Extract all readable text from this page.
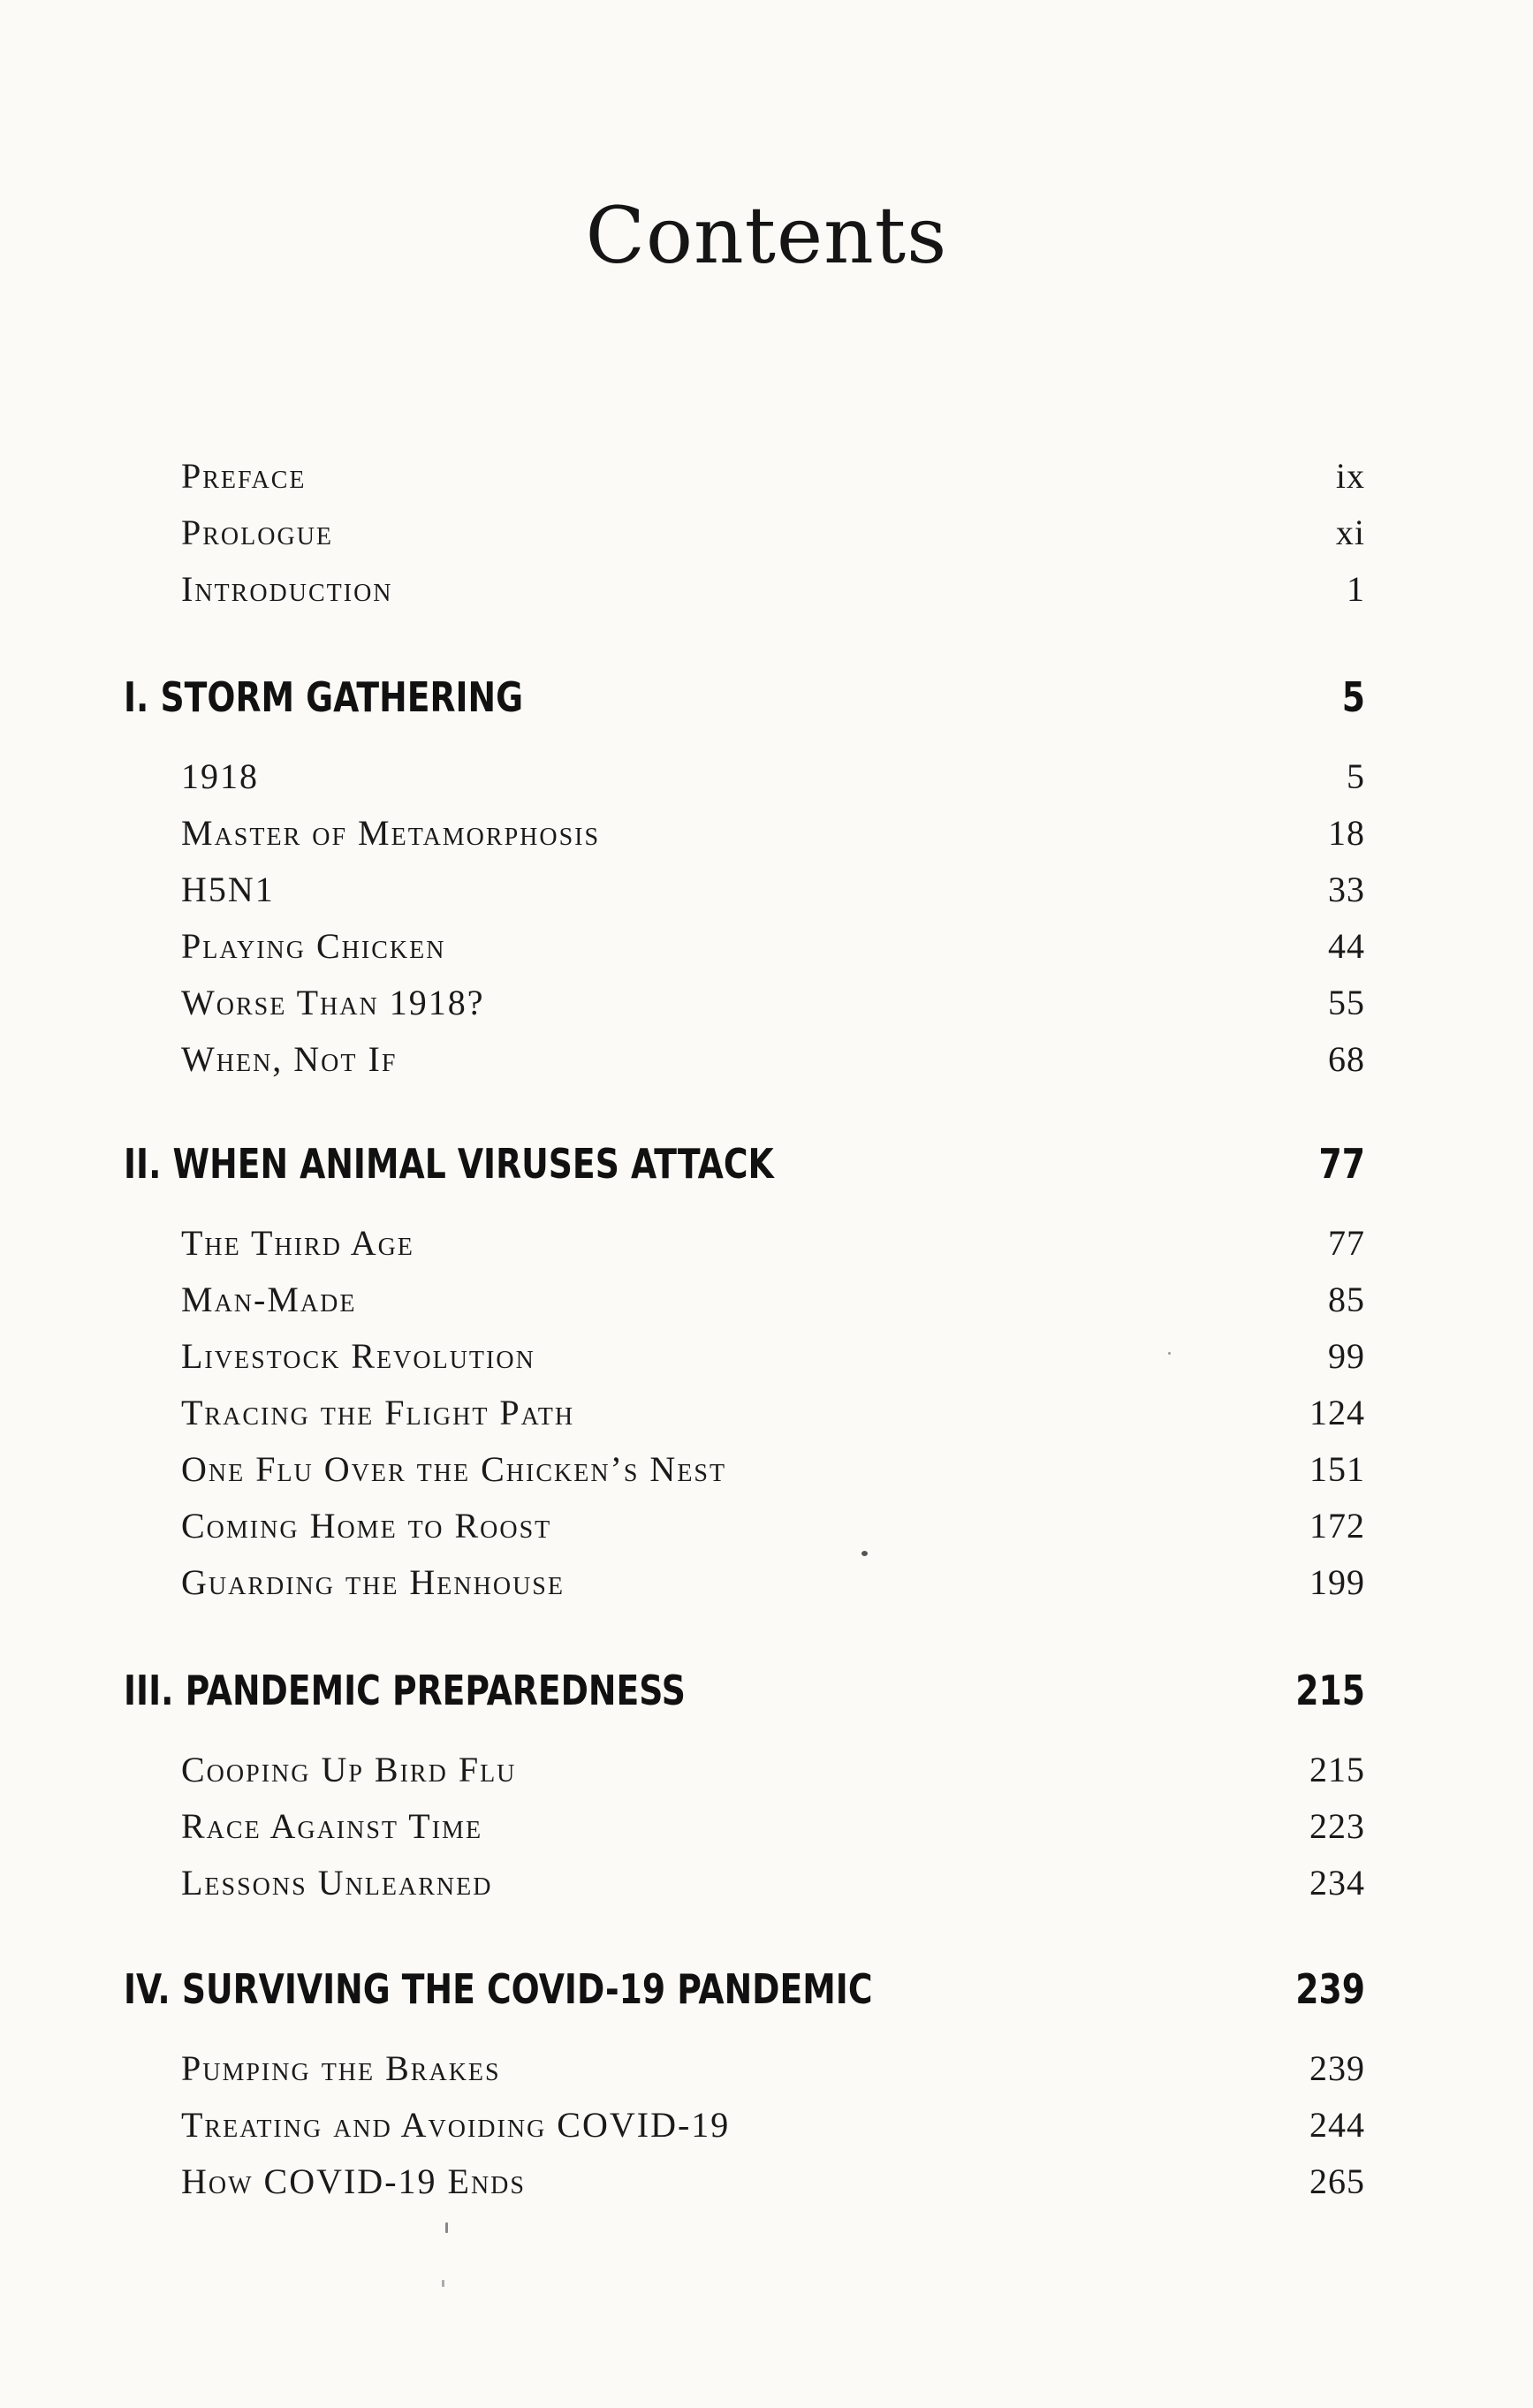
Contents
Preface	ix
Prologue	xi
Introduction	1
I. STORM GATHERING	5
1918	5
Master of Metamorphosis	18
H5N1	33
Playing Chicken	44
Worse Than 1918?	55
When, Not If	68
II. WHEN ANIMAL VIRUSES ATTACK	77
The Third Age	77
Man-Made	85
Livestock Revolution	99
Tracing the Flight Path	124
One Flu Over the Chicken’s Nest	151
Coming Home to Roost	172
Guarding the Henhouse	199
III. PANDEMIC PREPAREDNESS	215
Cooping Up Bird Flu	215
Race Against Time	223
Lessons Unlearned	234
IV. SURVIVING THE COVID-19 PANDEMIC	239
Pumping the Brakes	239
Treating and Avoiding COVID-19	244
How COVID-19 Ends	265
